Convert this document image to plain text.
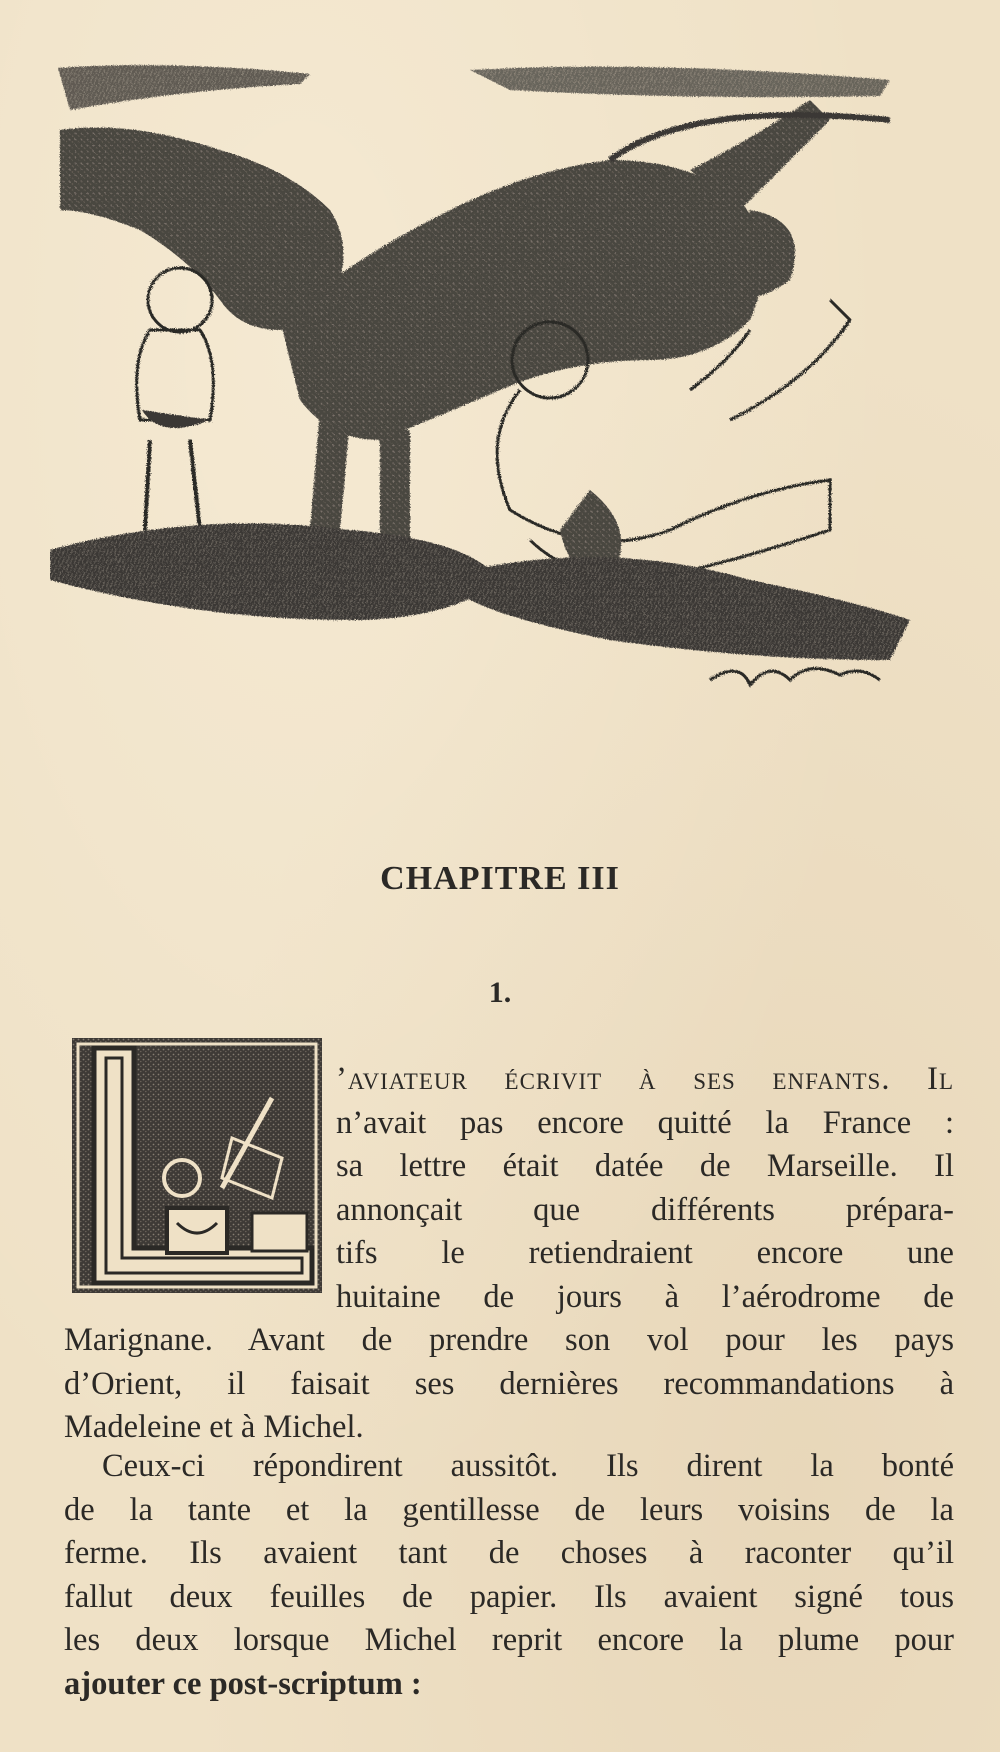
CHAPITRE III
1.
’aviateur écrivit à ses enfants. Il
n’avait pas encore quitté la France :
sa lettre était datée de Marseille. Il
annonçait que différents prépara-
tifs le retiendraient encore une
huitaine de jours à l’aérodrome de
Marignane. Avant de prendre son vol pour les pays
d’Orient, il faisait ses dernières recommandations à
Madeleine et à Michel.
Ceux-ci répondirent aussitôt. Ils dirent la bonté
de la tante et la gentillesse de leurs voisins de la
ferme. Ils avaient tant de choses à raconter qu’il
fallut deux feuilles de papier. Ils avaient signé tous
les deux lorsque Michel reprit encore la plume pour
ajouter ce post-scriptum :
